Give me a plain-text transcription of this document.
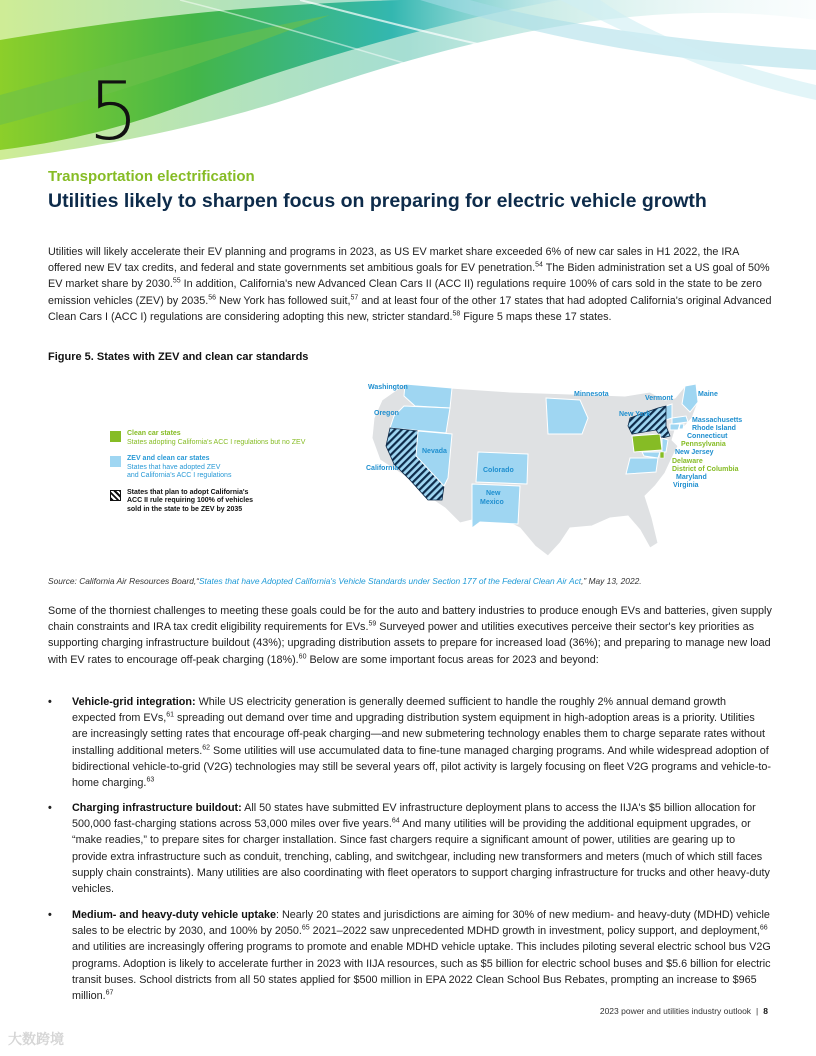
5
Transportation electrification
Utilities likely to sharpen focus on preparing for electric vehicle growth
Utilities will likely accelerate their EV planning and programs in 2023, as US EV market share exceeded 6% of new car sales in H1 2022, the IRA offered new EV tax credits, and federal and state governments set ambitious goals for EV penetration.$^{54}$ The Biden administration set a US goal of 50% EV market share by 2030.55 In addition, California's new Advanced Clean Cars II (ACC II) regulations require 100% of cars sold in the state to be zero emission vehicles (ZEV) by 2035.56 New York has followed suit,$^{57}$ and at least four of the other 17 states that had adopted California's original Advanced Clean Cars I (ACC I) regulations are considering adopting this new, stricter standard.$^{58}$ Figure 5 maps these 17 states.
Figure 5. States with ZEV and clean car standards
Clean car states
States adopting California's ACC I regulations but no ZEV
ZEV and clean car states
States that have adopted ZEV
and California's ACC I regulations
States that plan to adopt California's
ACC II rule requiring 100% of vehicles
sold in the state to be ZEV by 2035
Washington
Oregon
California
Nevada
Colorado
New
Mexico
Minnesota
Vermont
Maine
New York
Massachusetts
Rhode Island
Connecticut
Pennsylvania
New Jersey
Delaware
District of Columbia
Maryland
Virginia
Source: California Air Resources Board,“States that have Adopted California's Vehicle Standards under Section 177 of the Federal Clean Air Act,” May 13, 2022.
Some of the thorniest challenges to meeting these goals could be for the auto and battery industries to produce enough EVs and batteries, given supply chain constraints and IRA tax credit eligibility requirements for EVs.$^{59}$ Surveyed power and utilities executives perceive their sector's key priorities as supporting charging infrastructure buildout (43%); upgrading distribution assets to prepare for increased load (36%); and preparing to manage new load with EV rates to encourage off-peak charging (18%).$^{60}$ Below are some important focus areas for 2023 and beyond:
• Vehicle-grid integration: While US electricity generation is generally deemed sufficient to handle the roughly 2% annual demand growth expected from EVs,$^{61}$ spreading out demand over time and upgrading distribution system equipment in high-adoption areas is a priority. Utilities are increasingly setting rates that encourage off-peak charging—and new submetering technology enables them to charge separate rates without installing additional meters.$^{62}$ Some utilities will use accumulated data to fine-tune managed charging programs. And while widespread adoption of bidirectional vehicle-to-grid (V2G) technologies may still be several years off, pilot activity is largely focusing on fleet V2G programs and vehicle-to-home charging.$^{63}$
• Charging infrastructure buildout: All 50 states have submitted EV infrastructure deployment plans to access the IIJA's $5 billion allocation for 500,000 fast-charging stations across 53,000 miles over five years.$^{64}$ And many utilities will be providing the additional equipment upgrades, or “make readies,” to prepare sites for charger installation. Since fast chargers require a significant amount of power, utilities are gearing up to provide extra infrastructure such as conduit, trenching, cabling, and switchgear, including new transformers and meters (much of which still faces supply chain constraints). Many utilities are also coordinating with fleet operators to support charging infrastructure for trucks and other heavy-duty vehicles.
• Medium- and heavy-duty vehicle uptake: Nearly 20 states and jurisdictions are aiming for 30% of new medium- and heavy-duty (MDHD) vehicle sales to be electric by 2030, and 100% by 2050.65 2021–2022 saw unprecedented MDHD growth in investment, policy support, and deployment,$^{66}$ and utilities are increasingly offering programs to promote and enable MDHD vehicle uptake. This includes piloting several electric school bus V2G programs. Adoption is likely to accelerate further in 2023 with IIJA resources, such as $5 billion for electric school buses and $5.6 billion for electric transit buses. School districts from all 50 states applied for $500 million in EPA 2022 Clean School Bus Rebates, prompting an increase to $965 million.$^{67}$
2023 power and utilities industry outlook | 8
大数跨境
